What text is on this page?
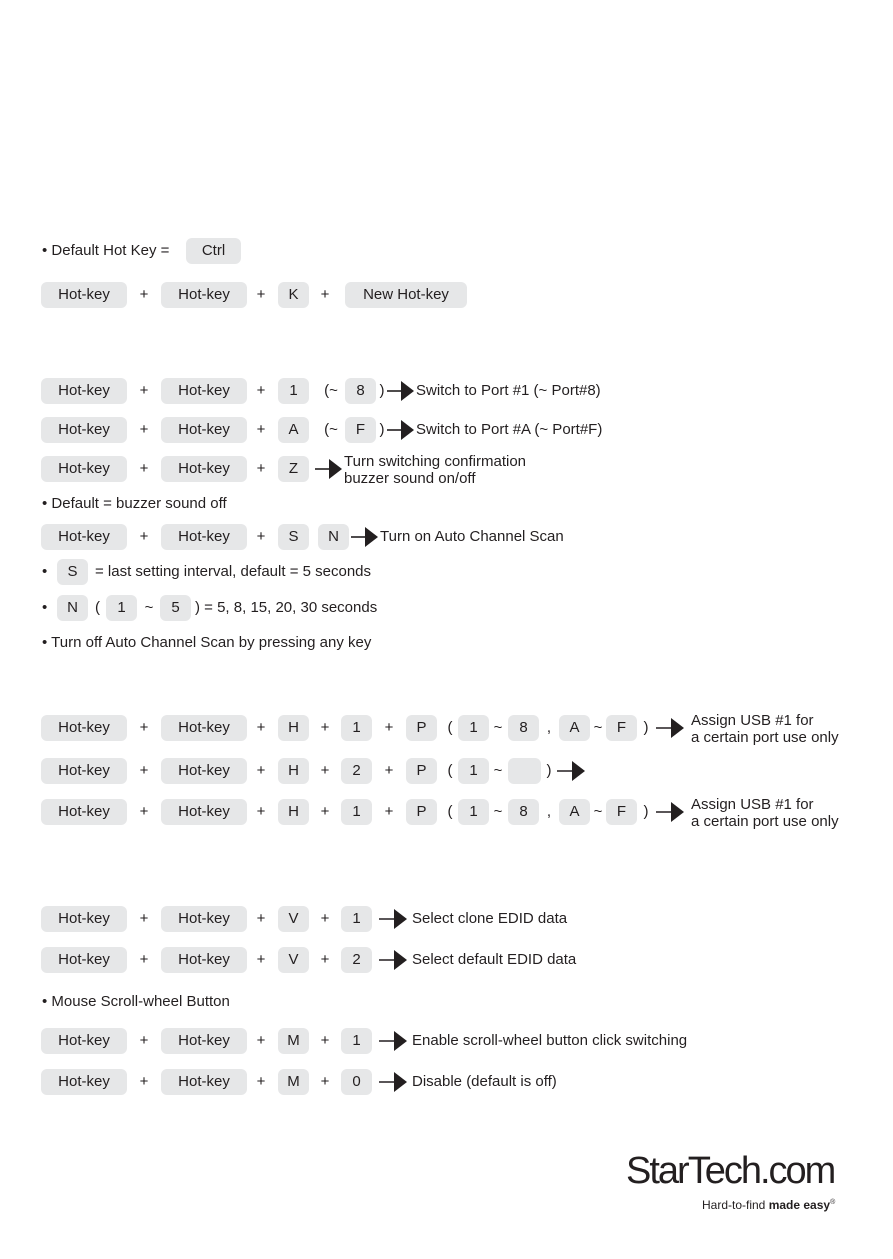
• Default Hot Key =	Ctrl
Hot-key	+	Hot-key	+	K	+	New Hot-key
Hot-key	+	Hot-key	+	1	(~	8 ) Switch to Port #1 (~ Port#8)
Hot-key	+	Hot-key	+	A	(~	F ) Switch to Port #A (~ Port#F)
Hot-key	+	Hot-key	+	Z	Turn switching confirmation
buzzer sound on/off
• Default = buzzer sound off
Hot-key	+	Hot-key	+	S	N	Turn on Auto Channel Scan
•	S	= last setting interval, default = 5 seconds
•	N	(	1	~	5	) = 5, 8, 15, 20, 30 seconds
• Turn off Auto Channel Scan by pressing any key
Hot-key	+	Hot-key	+	H	+	1	+	P	(	1	~	8	,	A ~ F	)	Assign USB #1 for
a certain port use only
Hot-key	+	Hot-key	+	H	+	2	+	P	(	1	~	)
Hot-key	+	Hot-key	+	H	+	1	+	P	(	1	~	8	,	A ~ F	)	Assign USB #1 for
a certain port use only
Hot-key	+	Hot-key	+	V	+	1	Select clone EDID data
Hot-key	+	Hot-key	+	V	+	2	Select default EDID data
• Mouse Scroll-wheel Button
Hot-key	+	Hot-key	+	M	+	1	Enable scroll-wheel button click switching
Hot-key	+	Hot-key	+	M	+	0	Disable (default is off)
StarTech.com
Hard-to-find made easy®
